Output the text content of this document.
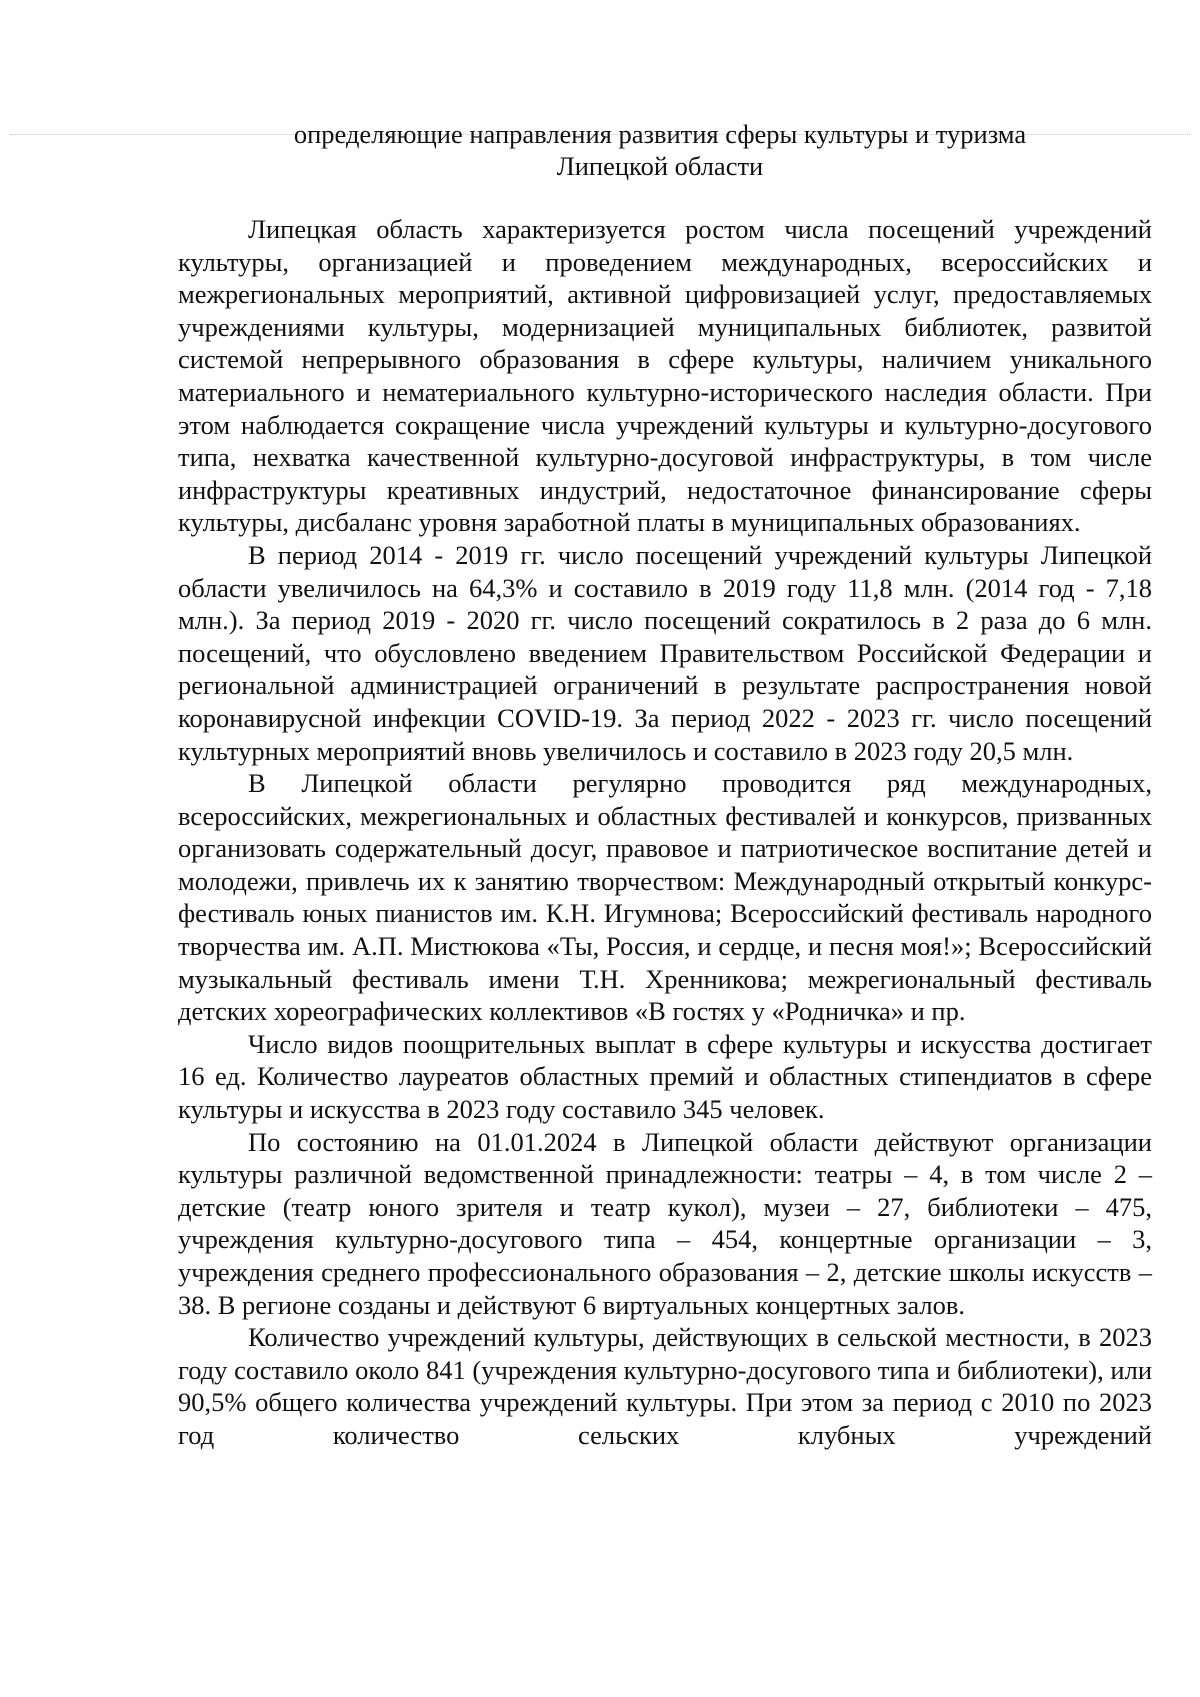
определяющие направления развития сферы культуры и туризма
Липецкой области

Липецкая область характеризуется ростом числа посещений учреждений культуры, организацией и проведением международных, всероссийских и межрегиональных мероприятий, активной цифровизацией услуг, предоставляемых учреждениями культуры, модернизацией муниципальных библиотек, развитой системой непрерывного образования в сфере культуры, наличием уникального материального и нематериального культурно-исторического наследия области. При этом наблюдается сокращение числа учреждений культуры и культурно-досугового типа, нехватка качественной культурно-досуговой инфраструктуры, в том числе инфраструктуры креативных индустрий, недостаточное финансирование сферы культуры, дисбаланс уровня заработной платы в муниципальных образованиях.

В период 2014 - 2019 гг. число посещений учреждений культуры Липецкой области увеличилось на 64,3% и составило в 2019 году 11,8 млн. (2014 год - 7,18 млн.). За период 2019 - 2020 гг. число посещений сократилось в 2 раза до 6 млн. посещений, что обусловлено введением Правительством Российской Федерации и региональной администрацией ограничений в результате распространения новой коронавирусной инфекции COVID-19. За период 2022 - 2023 гг. число посещений культурных мероприятий вновь увеличилось и составило в 2023 году 20,5 млн.

В Липецкой области регулярно проводится ряд международных, всероссийских, межрегиональных и областных фестивалей и конкурсов, призванных организовать содержательный досуг, правовое и патриотическое воспитание детей и молодежи, привлечь их к занятию творчеством: Международный открытый конкурс-фестиваль юных пианистов им. К.Н. Игумнова; Всероссийский фестиваль народного творчества им. А.П. Мистюкова «Ты, Россия, и сердце, и песня моя!»; Всероссийский музыкальный фестиваль имени Т.Н. Хренникова; межрегиональный фестиваль детских хореографических коллективов «В гостях у «Родничка» и пр.

Число видов поощрительных выплат в сфере культуры и искусства достигает 16 ед. Количество лауреатов областных премий и областных стипендиатов в сфере культуры и искусства в 2023 году составило 345 человек.

По состоянию на 01.01.2024 в Липецкой области действуют организации культуры различной ведомственной принадлежности: театры – 4, в том числе 2 – детские (театр юного зрителя и театр кукол), музеи – 27, библиотеки – 475, учреждения культурно-досугового типа – 454, концертные организации – 3, учреждения среднего профессионального образования – 2, детские школы искусств – 38. В регионе созданы и действуют 6 виртуальных концертных залов.

Количество учреждений культуры, действующих в сельской местности, в 2023 году составило около 841 (учреждения культурно-досугового типа и библиотеки), или 90,5% общего количества учреждений культуры. При этом за период с 2010 по 2023 год количество сельских клубных учреждений
